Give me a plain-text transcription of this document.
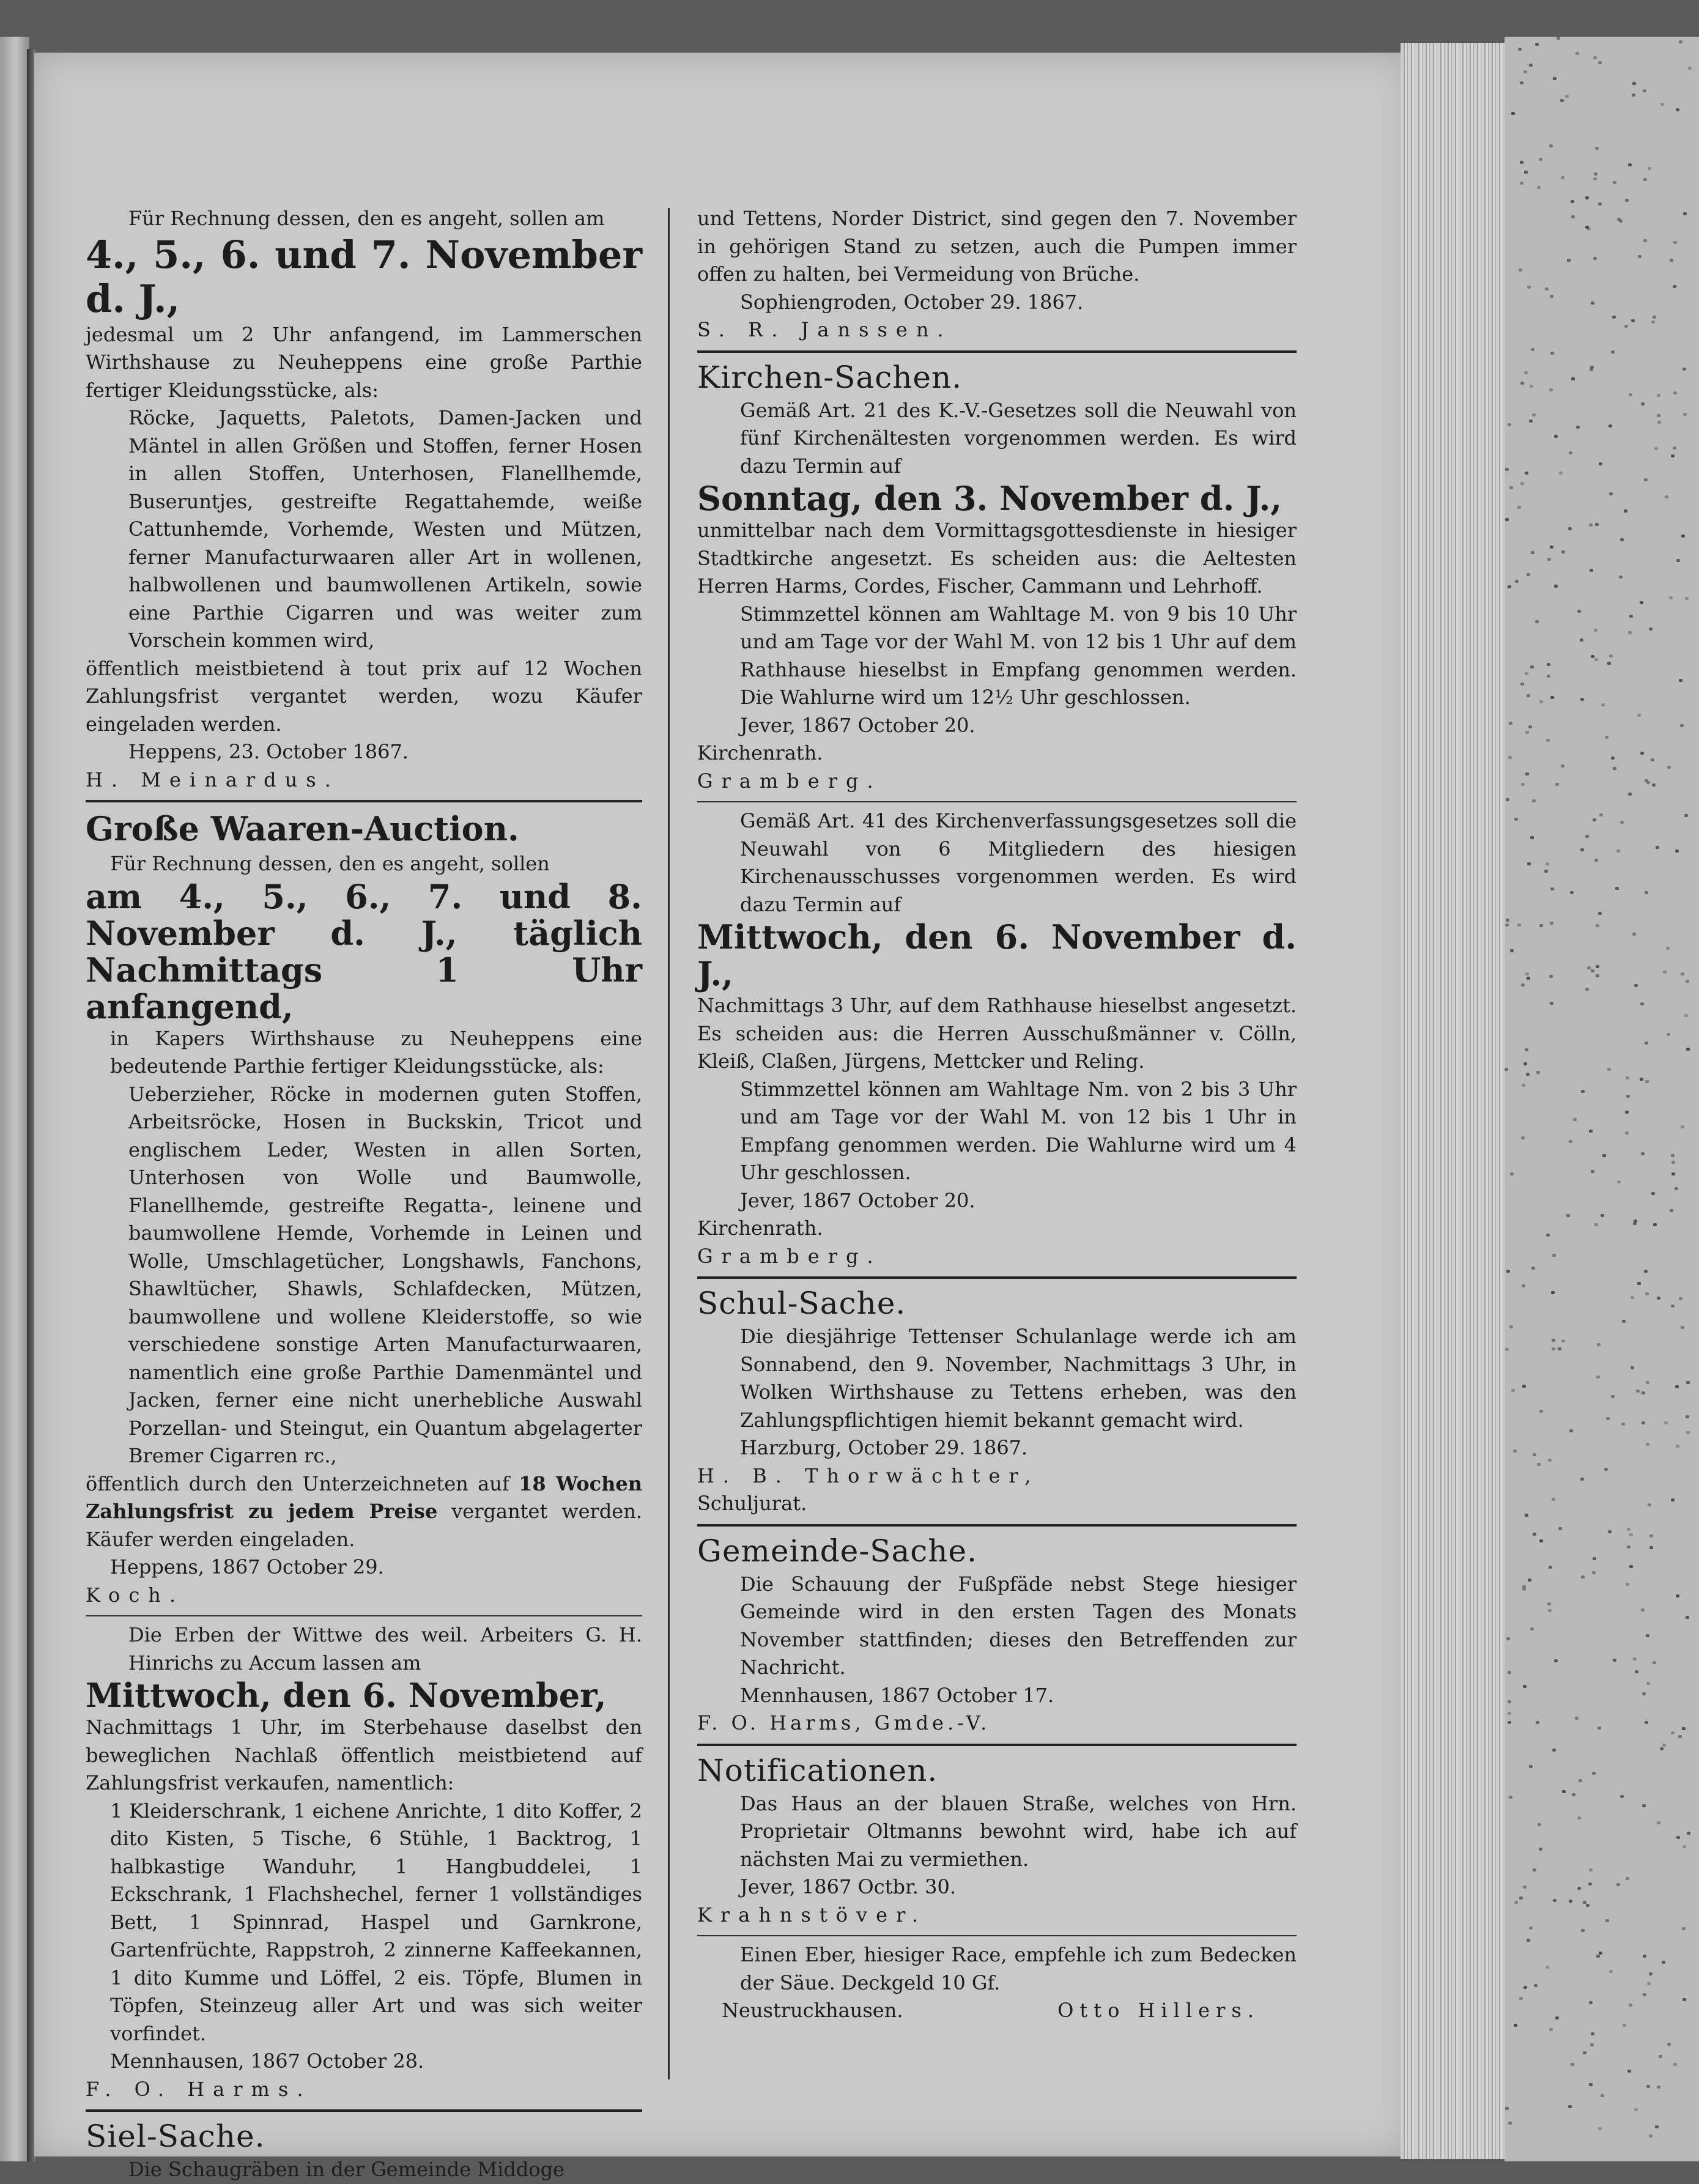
Für Rechnung dessen, den es angeht, sollen am

4., 5., 6. und 7. November d. J.,

jedesmal um 2 Uhr anfangend, im Lammerschen Wirthshause zu Neuheppens eine große Parthie fertiger Kleidungsstücke, als:

Röcke, Jaquetts, Paletots, Damen-Jacken und Mäntel in allen Größen und Stoffen, ferner Hosen in allen Stoffen, Unterhosen, Flanellhemde, Buseruntjes, gestreifte Regattahemde, weiße Cattunhemde, Vorhemde, Westen und Mützen, ferner Manufacturwaaren aller Art in wollenen, halbwollenen und baumwollenen Artikeln, sowie eine Parthie Cigarren und was weiter zum Vorschein kommen wird,

öffentlich meistbietend à tout prix auf 12 Wochen Zahlungsfrist vergantet werden, wozu Käufer eingeladen werden.

Heppens, 23. October 1867.

H. Meinardus.

Große Waaren-Auction.

Für Rechnung dessen, den es angeht, sollen

am 4., 5., 6., 7. und 8. November d. J., täglich Nachmittags 1 Uhr anfangend,

in Kapers Wirthshause zu Neuheppens eine bedeutende Parthie fertiger Kleidungsstücke, als:

Ueberzieher, Röcke in modernen guten Stoffen, Arbeitsröcke, Hosen in Buckskin, Tricot und englischem Leder, Westen in allen Sorten, Unterhosen von Wolle und Baumwolle, Flanellhemde, gestreifte Regatta-, leinene und baumwollene Hemde, Vorhemde in Leinen und Wolle, Umschlagetücher, Longshawls, Fanchons, Shawltücher, Shawls, Schlafdecken, Mützen, baumwollene und wollene Kleiderstoffe, so wie verschiedene sonstige Arten Manufacturwaaren, namentlich eine große Parthie Damenmäntel und Jacken, ferner eine nicht unerhebliche Auswahl Porzellan- und Steingut, ein Quantum abgelagerter Bremer Cigarren rc.,

öffentlich durch den Unterzeichneten auf 18 Wochen Zahlungsfrist zu jedem Preise vergantet werden. Käufer werden eingeladen.

Heppens, 1867 October 29.

Koch.

Die Erben der Wittwe des weil. Arbeiters G. H. Hinrichs zu Accum lassen am

Mittwoch, den 6. November,

Nachmittags 1 Uhr, im Sterbehause daselbst den beweglichen Nachlaß öffentlich meistbietend auf Zahlungsfrist verkaufen, namentlich:

1 Kleiderschrank, 1 eichene Anrichte, 1 dito Koffer, 2 dito Kisten, 5 Tische, 6 Stühle, 1 Backtrog, 1 halbkastige Wanduhr, 1 Hangbuddelei, 1 Eckschrank, 1 Flachshechel, ferner 1 vollständiges Bett, 1 Spinnrad, Haspel und Garnkrone, Gartenfrüchte, Rappstroh, 2 zinnerne Kaffeekannen, 1 dito Kumme und Löffel, 2 eis. Töpfe, Blumen in Töpfen, Steinzeug aller Art und was sich weiter vorfindet.

Mennhausen, 1867 October 28.

F. O. Harms.

Siel-Sache.

Die Schaugräben in der Gemeinde Middoge

und Tettens, Norder District, sind gegen den 7. November in gehörigen Stand zu setzen, auch die Pumpen immer offen zu halten, bei Vermeidung von Brüche.

Sophiengroden, October 29. 1867.

S. R. Janssen.

Kirchen-Sachen.

Gemäß Art. 21 des K.-V.-Gesetzes soll die Neuwahl von fünf Kirchenältesten vorgenommen werden. Es wird dazu Termin auf

Sonntag, den 3. November d. J.,

unmittelbar nach dem Vormittagsgottesdienste in hiesiger Stadtkirche angesetzt. Es scheiden aus: die Aeltesten Herren Harms, Cordes, Fischer, Cammann und Lehrhoff.

Stimmzettel können am Wahltage M. von 9 bis 10 Uhr und am Tage vor der Wahl M. von 12 bis 1 Uhr auf dem Rathhause hieselbst in Empfang genommen werden. Die Wahlurne wird um 12½ Uhr geschlossen.

Jever, 1867 October 20.

Kirchenrath.

Gramberg.

Gemäß Art. 41 des Kirchenverfassungsgesetzes soll die Neuwahl von 6 Mitgliedern des hiesigen Kirchenausschusses vorgenommen werden. Es wird dazu Termin auf

Mittwoch, den 6. November d. J.,

Nachmittags 3 Uhr, auf dem Rathhause hieselbst angesetzt. Es scheiden aus: die Herren Ausschußmänner v. Cölln, Kleiß, Claßen, Jürgens, Mettcker und Reling.

Stimmzettel können am Wahltage Nm. von 2 bis 3 Uhr und am Tage vor der Wahl M. von 12 bis 1 Uhr in Empfang genommen werden. Die Wahlurne wird um 4 Uhr geschlossen.

Jever, 1867 October 20.

Kirchenrath.

Gramberg.

Schul-Sache.

Die diesjährige Tettenser Schulanlage werde ich am Sonnabend, den 9. November, Nachmittags 3 Uhr, in Wolken Wirthshause zu Tettens erheben, was den Zahlungspflichtigen hiemit bekannt gemacht wird.

Harzburg, October 29. 1867.

H. B. Thorwächter,

Schuljurat.

Gemeinde-Sache.

Die Schauung der Fußpfäde nebst Stege hiesiger Gemeinde wird in den ersten Tagen des Monats November stattfinden; dieses den Betreffenden zur Nachricht.

Mennhausen, 1867 October 17.

F. O. Harms, Gmde.-V.

Notificationen.

Das Haus an der blauen Straße, welches von Hrn. Proprietair Oltmanns bewohnt wird, habe ich auf nächsten Mai zu vermiethen.

Jever, 1867 Octbr. 30.

Krahnstöver.

Einen Eber, hiesiger Race, empfehle ich zum Bedecken der Säue. Deckgeld 10 Gf.

Neustruckhausen.	Otto Hillers.
